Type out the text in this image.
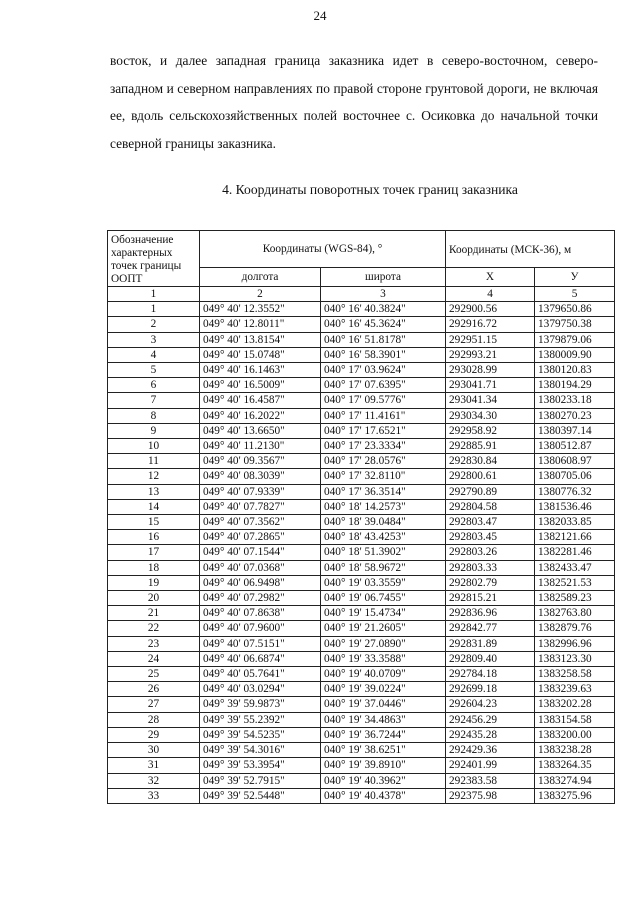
24
восток, и далее западная граница заказника идет в северо-восточном, северо-западном и северном направлениях по правой стороне грунтовой дороги, не включая ее, вдоль сельскохозяйственных полей восточнее с. Осиковка до начальной точки северной границы заказника.
4. Координаты поворотных точек границ заказника
Обозначение характерных точек границы ООПТ	Координаты (WGS-84), °		Координаты (МСК-36), м	
	долгота	широта	X	У
1	2	3	4	5
1	049° 40' 12.3552"	040° 16' 40.3824"	292900.56	1379650.86
2	049° 40' 12.8011"	040° 16' 45.3624"	292916.72	1379750.38
3	049° 40' 13.8154"	040° 16' 51.8178"	292951.15	1379879.06
4	049° 40' 15.0748"	040° 16' 58.3901"	292993.21	1380009.90
5	049° 40' 16.1463"	040° 17' 03.9624"	293028.99	1380120.83
6	049° 40' 16.5009"	040° 17' 07.6395"	293041.71	1380194.29
7	049° 40' 16.4587"	040° 17' 09.5776"	293041.34	1380233.18
8	049° 40' 16.2022"	040° 17' 11.4161"	293034.30	1380270.23
9	049° 40' 13.6650"	040° 17' 17.6521"	292958.92	1380397.14
10	049° 40' 11.2130"	040° 17' 23.3334"	292885.91	1380512.87
11	049° 40' 09.3567"	040° 17' 28.0576"	292830.84	1380608.97
12	049° 40' 08.3039"	040° 17' 32.8110"	292800.61	1380705.06
13	049° 40' 07.9339"	040° 17' 36.3514"	292790.89	1380776.32
14	049° 40' 07.7827"	040° 18' 14.2573"	292804.58	1381536.46
15	049° 40' 07.3562"	040° 18' 39.0484"	292803.47	1382033.85
16	049° 40' 07.2865"	040° 18' 43.4253"	292803.45	1382121.66
17	049° 40' 07.1544"	040° 18' 51.3902"	292803.26	1382281.46
18	049° 40' 07.0368"	040° 18' 58.9672"	292803.33	1382433.47
19	049° 40' 06.9498"	040° 19' 03.3559"	292802.79	1382521.53
20	049° 40' 07.2982"	040° 19' 06.7455"	292815.21	1382589.23
21	049° 40' 07.8638"	040° 19' 15.4734"	292836.96	1382763.80
22	049° 40' 07.9600"	040° 19' 21.2605"	292842.77	1382879.76
23	049° 40' 07.5151"	040° 19' 27.0890"	292831.89	1382996.96
24	049° 40' 06.6874"	040° 19' 33.3588"	292809.40	1383123.30
25	049° 40' 05.7641"	040° 19' 40.0709"	292784.18	1383258.58
26	049° 40' 03.0294"	040° 19' 39.0224"	292699.18	1383239.63
27	049° 39' 59.9873"	040° 19' 37.0446"	292604.23	1383202.28
28	049° 39' 55.2392"	040° 19' 34.4863"	292456.29	1383154.58
29	049° 39' 54.5235"	040° 19' 36.7244"	292435.28	1383200.00
30	049° 39' 54.3016"	040° 19' 38.6251"	292429.36	1383238.28
31	049° 39' 53.3954"	040° 19' 39.8910"	292401.99	1383264.35
32	049° 39' 52.7915"	040° 19' 40.3962"	292383.58	1383274.94
33	049° 39' 52.5448"	040° 19' 40.4378"	292375.98	1383275.96
